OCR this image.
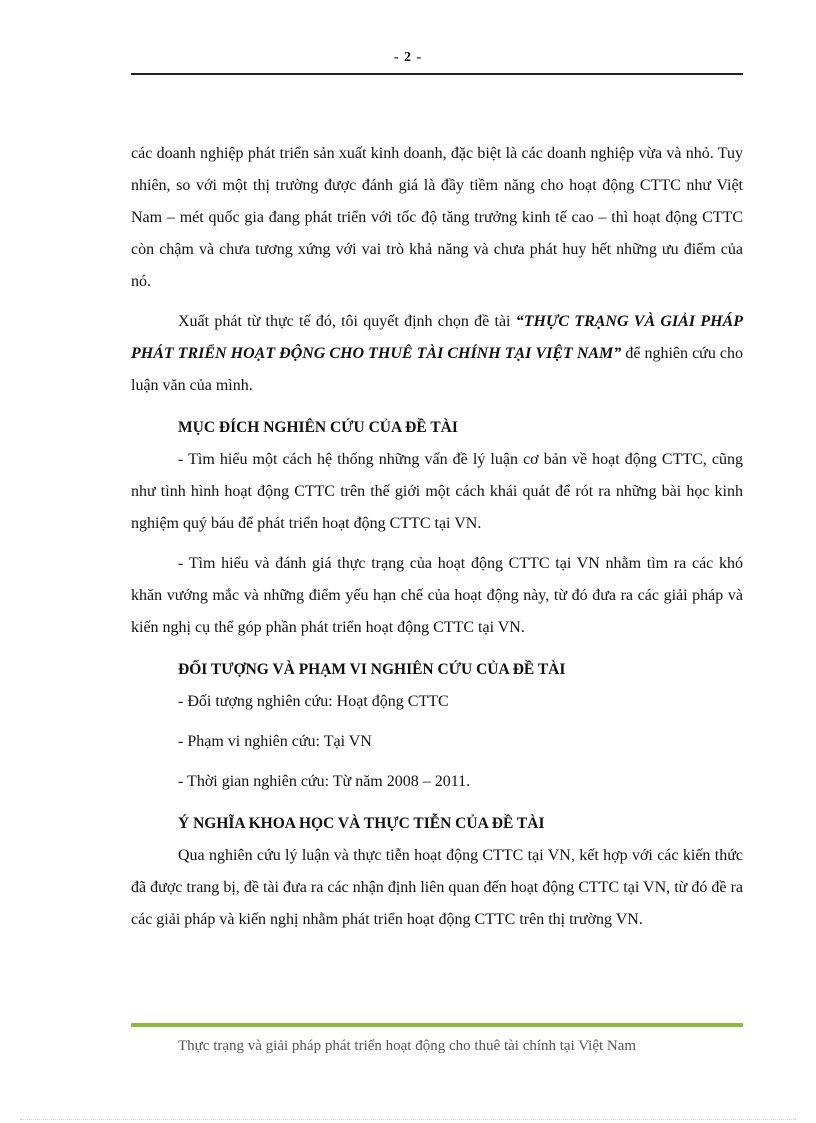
- 2 -

các doanh nghiệp phát triển sản xuất kinh doanh, đặc biệt là các doanh nghiệp vừa và nhỏ. Tuy nhiên, so với một thị trường được đánh giá là đầy tiềm năng cho hoạt động CTTC như Việt Nam – mét quốc gia đang phát triển với tốc độ tăng trưởng kinh tế cao – thì hoạt động CTTC còn chậm và chưa tương xứng với vai trò khả năng và chưa phát huy hết những ưu điểm của nó.

Xuất phát từ thực tế đó, tôi quyết định chọn đề tài “THỰC TRẠNG VÀ GIẢI PHÁP PHÁT TRIỂN HOẠT ĐỘNG CHO THUÊ TÀI CHÍNH TẠI VIỆT NAM” để nghiên cứu cho luận văn của mình.

MỤC ĐÍCH NGHIÊN CỨU CỦA ĐỀ TÀI

- Tìm hiểu một cách hệ thống những vấn đề lý luận cơ bản về hoạt động CTTC, cũng như tình hình hoạt động CTTC trên thế giới một cách khái quát để rót ra những bài học kinh nghiệm quý báu để phát triển hoạt động CTTC tại VN.

- Tìm hiểu và đánh giá thực trạng của hoạt động CTTC tại VN nhằm tìm ra các khó khăn vướng mắc và những điểm yếu hạn chế của hoạt động này, từ đó đưa ra các giải pháp và kiến nghị cụ thể góp phần phát triển hoạt động CTTC tại VN.

ĐỐI TƯỢNG VÀ PHẠM VI NGHIÊN CỨU CỦA ĐỀ TÀI

- Đối tượng nghiên cứu: Hoạt động CTTC

- Phạm vi nghiên cứu: Tại VN

- Thời gian nghiên cứu: Từ năm 2008 – 2011.

Ý NGHĨA KHOA HỌC VÀ THỰC TIỄN CỦA ĐỀ TÀI

Qua nghiên cứu lý luận và thực tiễn hoạt động CTTC tại VN, kết hợp với các kiến thức đã được trang bị, đề tài đưa ra các nhận định liên quan đến hoạt động CTTC tại VN, từ đó đề ra các giải pháp và kiến nghị nhằm phát triển hoạt động CTTC trên thị trường VN.

Thực trạng và giải pháp phát triển hoạt động cho thuê tài chính tại Việt Nam
